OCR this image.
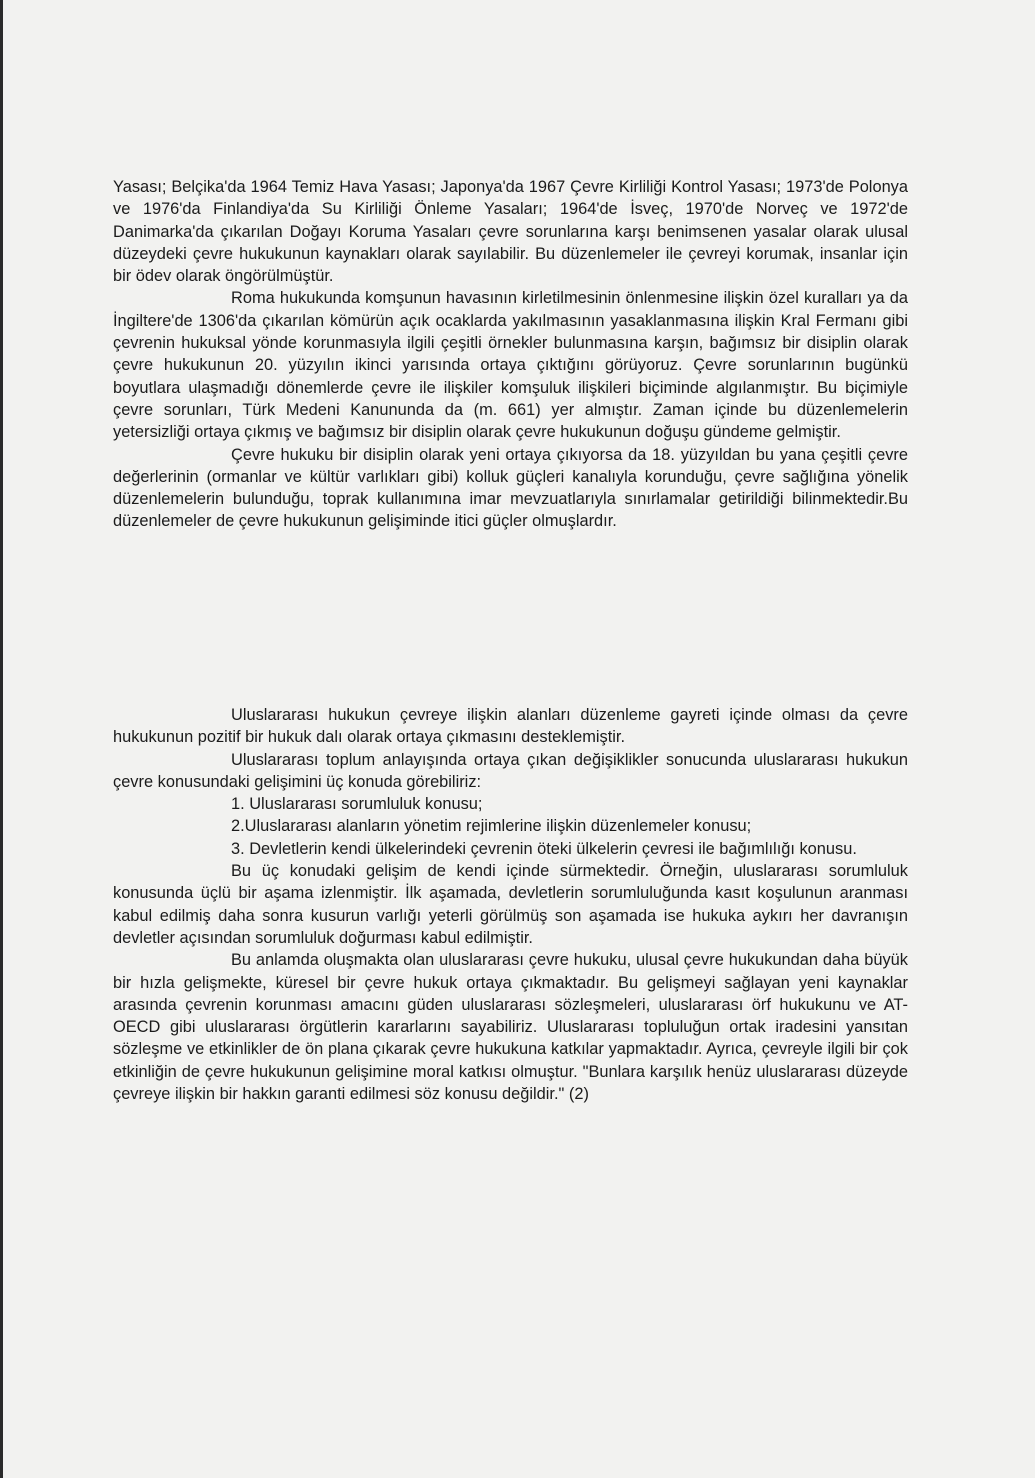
Yasası; Belçika'da 1964 Temiz Hava Yasası; Japonya'da 1967 Çevre Kirliliği Kontrol Yasası; 1973'de Polonya ve 1976'da Finlandiya'da Su Kirliliği Önleme Yasaları; 1964'de İsveç, 1970'de Norveç ve 1972'de Danimarka'da çıkarılan Doğayı Koruma Yasaları çevre sorunlarına karşı benimsenen yasalar olarak ulusal düzeydeki çevre hukukunun kaynakları olarak sayılabilir. Bu düzenlemeler ile çevreyi korumak, insanlar için bir ödev olarak öngörülmüştür.

Roma hukukunda komşunun havasının kirletilmesinin önlenmesine ilişkin özel kuralları ya da İngiltere'de 1306'da çıkarılan kömürün açık ocaklarda yakılmasının yasaklanmasına ilişkin Kral Fermanı gibi çevrenin hukuksal yönde korunmasıyla ilgili çeşitli örnekler bulunmasına karşın, bağımsız bir disiplin olarak çevre hukukunun 20. yüzyılın ikinci yarısında ortaya çıktığını görüyoruz. Çevre sorunlarının bugünkü boyutlara ulaşmadığı dönemlerde çevre ile ilişkiler komşuluk ilişkileri biçiminde algılanmıştır. Bu biçimiyle çevre sorunları, Türk Medeni Kanununda da (m. 661) yer almıştır. Zaman içinde bu düzenlemelerin yetersizliği ortaya çıkmış ve bağımsız bir disiplin olarak çevre hukukunun doğuşu gündeme gelmiştir.

Çevre hukuku bir disiplin olarak yeni ortaya çıkıyorsa da 18. yüzyıldan bu yana çeşitli çevre değerlerinin (ormanlar ve kültür varlıkları gibi) kolluk güçleri kanalıyla korunduğu, çevre sağlığına yönelik düzenlemelerin bulunduğu, toprak kullanımına imar mevzuatlarıyla sınırlamalar getirildiği bilinmektedir.Bu düzenlemeler de çevre hukukunun gelişiminde itici güçler olmuşlardır.

Uluslararası hukukun çevreye ilişkin alanları düzenleme gayreti içinde olması da çevre hukukunun pozitif bir hukuk dalı olarak ortaya çıkmasını desteklemiştir.

Uluslararası toplum anlayışında ortaya çıkan değişiklikler sonucunda uluslararası hukukun çevre konusundaki gelişimini üç konuda görebiliriz:

1. Uluslararası sorumluluk konusu;

2.Uluslararası alanların yönetim rejimlerine ilişkin düzenlemeler konusu;

3. Devletlerin kendi ülkelerindeki çevrenin öteki ülkelerin çevresi ile bağımlılığı konusu.

Bu üç konudaki gelişim de kendi içinde sürmektedir. Örneğin, uluslararası sorumluluk konusunda üçlü bir aşama izlenmiştir. İlk aşamada, devletlerin sorumluluğunda kasıt koşulunun aranması kabul edilmiş daha sonra kusurun varlığı yeterli görülmüş son aşamada ise hukuka aykırı her davranışın devletler açısından sorumluluk doğurması kabul edilmiştir.

Bu anlamda oluşmakta olan uluslararası çevre hukuku, ulusal çevre hukukundan daha büyük bir hızla gelişmekte, küresel bir çevre hukuk ortaya çıkmaktadır. Bu gelişmeyi sağlayan yeni kaynaklar arasında çevrenin korunması amacını güden uluslararası sözleşmeleri, uluslararası örf hukukunu ve AT-OECD gibi uluslararası örgütlerin kararlarını sayabiliriz. Uluslararası topluluğun ortak iradesini yansıtan sözleşme ve etkinlikler de ön plana çıkarak çevre hukukuna katkılar yapmaktadır. Ayrıca, çevreyle ilgili bir çok etkinliğin de çevre hukukunun gelişimine moral katkısı olmuştur. "Bunlara karşılık henüz uluslararası düzeyde çevreye ilişkin bir hakkın garanti edilmesi söz konusu değildir." (2)
